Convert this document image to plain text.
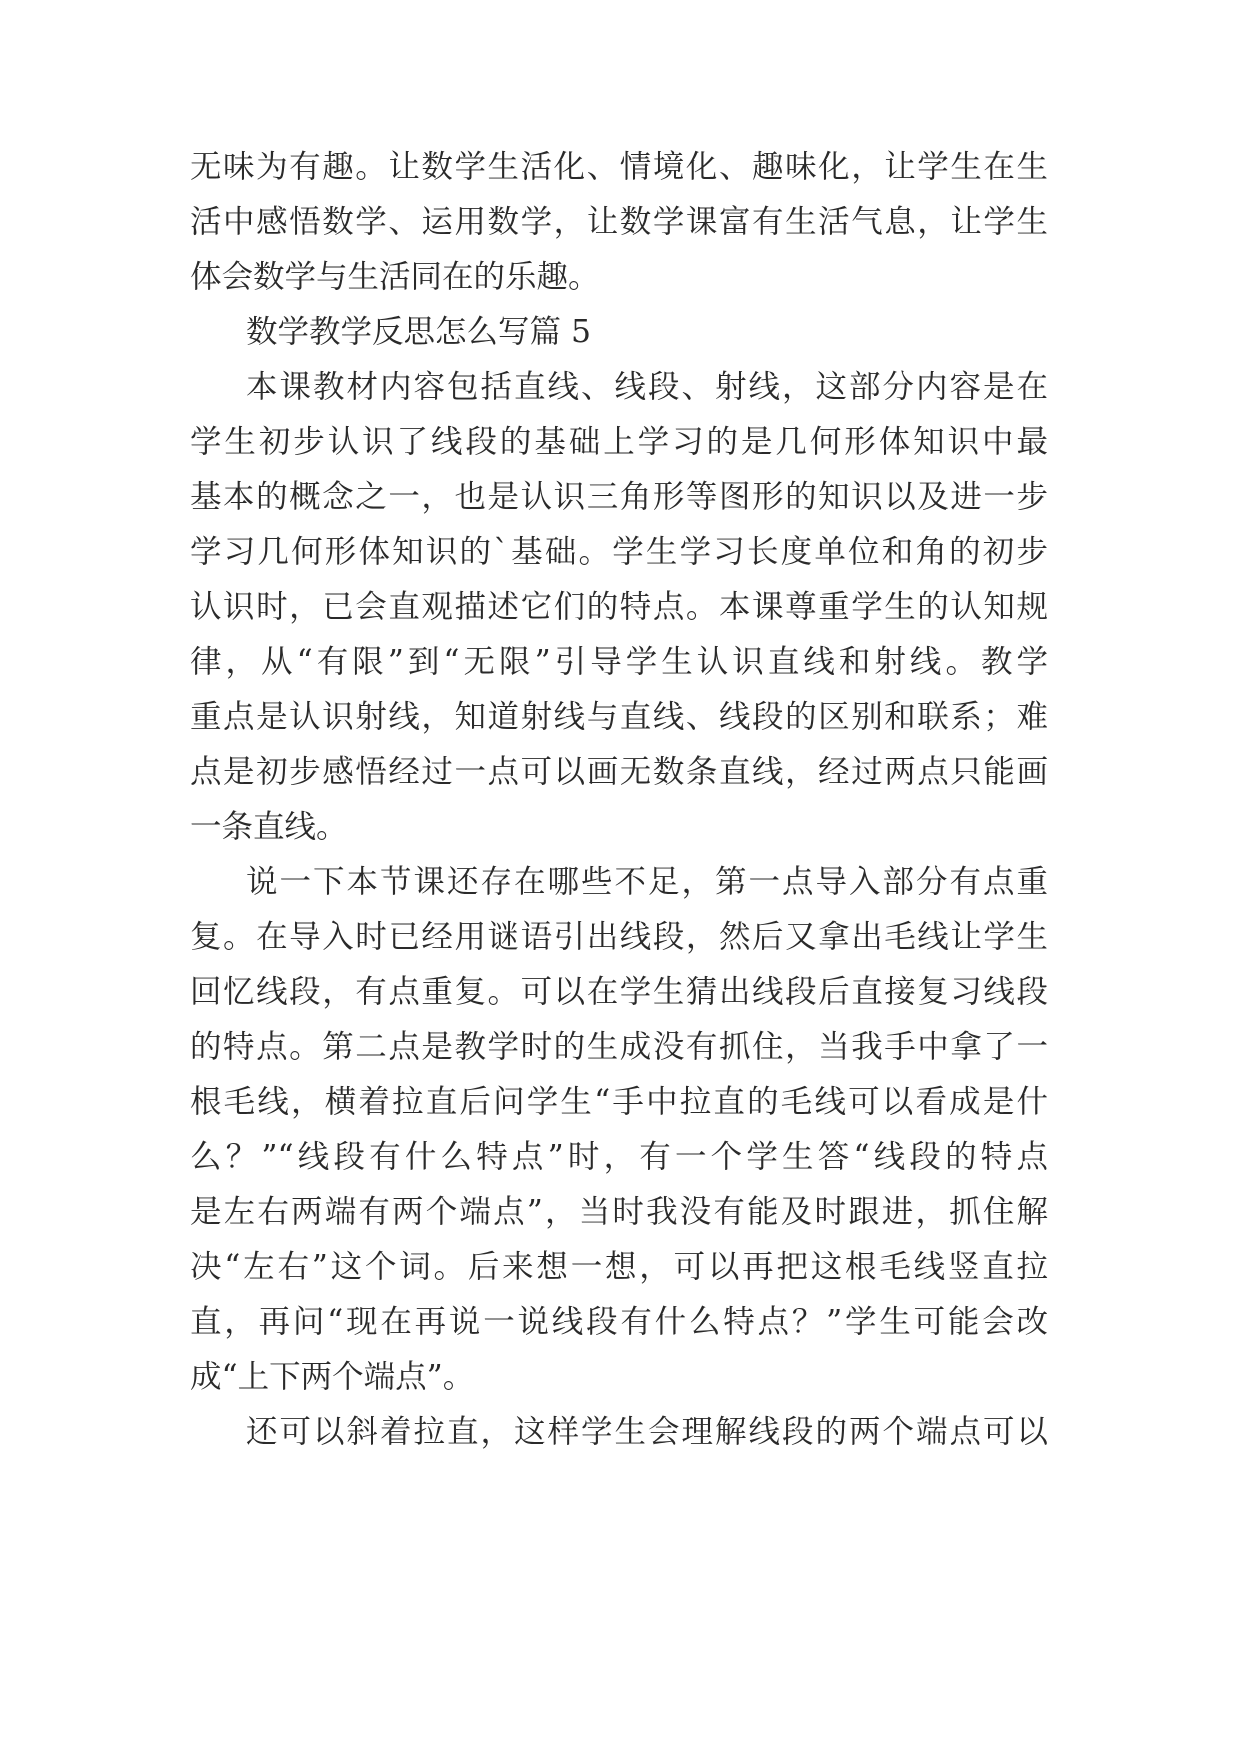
无味为有趣。让数学生活化、情境化、趣味化，让学生在生
活中感悟数学、运用数学，让数学课富有生活气息，让学生
体会数学与生活同在的乐趣。
数学教学反思怎么写篇 5
本课教材内容包括直线、线段、射线，这部分内容是在
学生初步认识了线段的基础上学习的是几何形体知识中最
基本的概念之一，也是认识三角形等图形的知识以及进一步
学习几何形体知识的`基础。学生学习长度单位和角的初步
认识时，已会直观描述它们的特点。本课尊重学生的认知规
律，从“有限”到“无限”引导学生认识直线和射线。教学
重点是认识射线，知道射线与直线、线段的区别和联系；难
点是初步感悟经过一点可以画无数条直线，经过两点只能画
一条直线。
说一下本节课还存在哪些不足，第一点导入部分有点重
复。在导入时已经用谜语引出线段，然后又拿出毛线让学生
回忆线段，有点重复。可以在学生猜出线段后直接复习线段
的特点。第二点是教学时的生成没有抓住，当我手中拿了一
根毛线，横着拉直后问学生“手中拉直的毛线可以看成是什
么？”“线段有什么特点”时，有一个学生答“线段的特点
是左右两端有两个端点”，当时我没有能及时跟进，抓住解
决“左右”这个词。后来想一想，可以再把这根毛线竖直拉
直，再问“现在再说一说线段有什么特点？”学生可能会改
成“上下两个端点”。
还可以斜着拉直，这样学生会理解线段的两个端点可以
